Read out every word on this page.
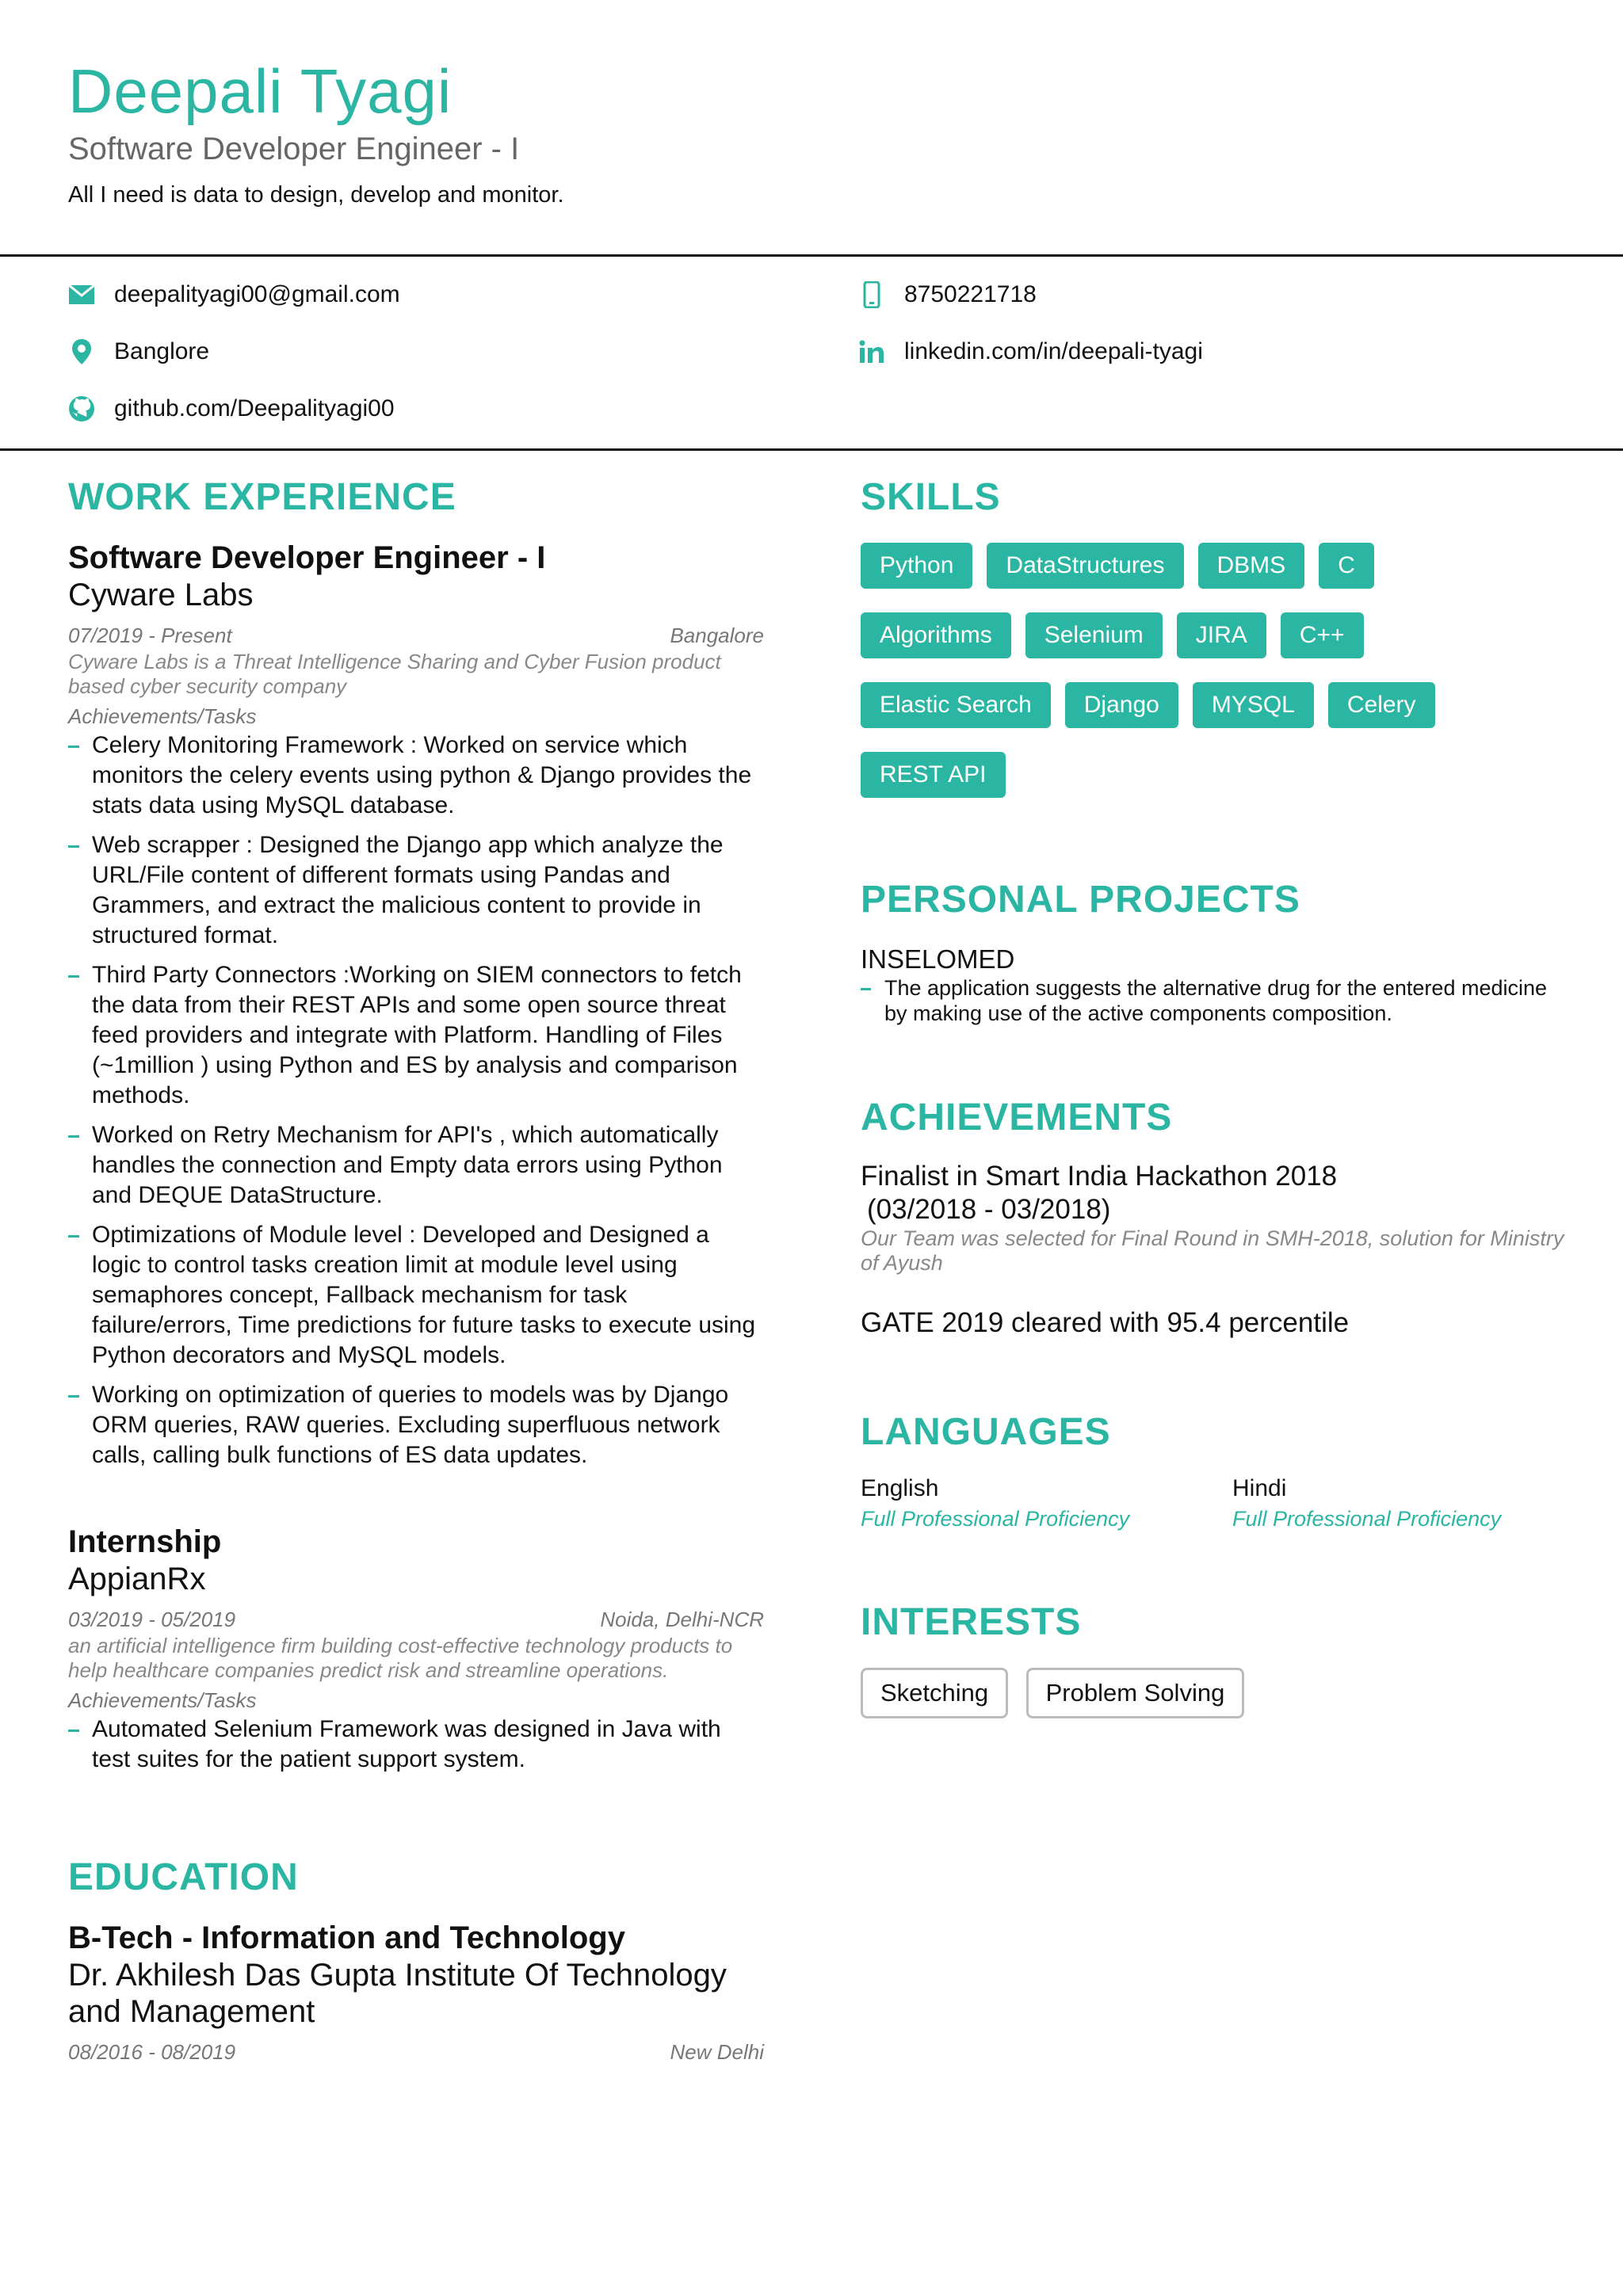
Deepali Tyagi
Software Developer Engineer - I
All I need is data to design, develop and monitor.
deepalityagi00@gmail.com	8750221718
Banglore	linkedin.com/in/deepali-tyagi
github.com/Deepalityagi00
WORK EXPERIENCE
Software Developer Engineer - I
Cyware Labs
07/2019 - Present	Bangalore
Cyware Labs is a Threat Intelligence Sharing and Cyber Fusion product based cyber security company
Achievements/Tasks
Celery Monitoring Framework : Worked on service which monitors the celery events using python & Django provides the stats data using MySQL database.
Web scrapper : Designed the Django app which analyze the URL/File content of different formats using Pandas and Grammers, and extract the malicious content to provide in structured format.
Third Party Connectors :Working on SIEM connectors to fetch the data from their REST APIs and some open source threat feed providers and integrate with Platform. Handling of Files (~1million ) using Python and ES by analysis and comparison methods.
Worked on Retry Mechanism for API's , which automatically handles the connection and Empty data errors using Python and DEQUE DataStructure.
Optimizations of Module level : Developed and Designed a logic to control tasks creation limit at module level using semaphores concept, Fallback mechanism for task failure/errors, Time predictions for future tasks to execute using Python decorators and MySQL models.
Working on optimization of queries to models was by Django ORM queries, RAW queries. Excluding superfluous network calls, calling bulk functions of ES data updates.
Internship
AppianRx
03/2019 - 05/2019	Noida, Delhi-NCR
an artificial intelligence firm building cost-effective technology products to help healthcare companies predict risk and streamline operations.
Achievements/Tasks
Automated Selenium Framework was designed in Java with test suites for the patient support system.
EDUCATION
B-Tech - Information and Technology
Dr. Akhilesh Das Gupta Institute Of Technology and Management
08/2016 - 08/2019	New Delhi
SKILLS
Python	DataStructures	DBMS	C
Algorithms	Selenium	JIRA	C++
Elastic Search	Django	MYSQL	Celery
REST API
PERSONAL PROJECTS
INSELOMED
The application suggests the alternative drug for the entered medicine by making use of the active components composition.
ACHIEVEMENTS
Finalist in Smart India Hackathon 2018
(03/2018 - 03/2018)
Our Team was selected for Final Round in SMH-2018, solution for Ministry of Ayush
GATE 2019 cleared with 95.4 percentile
LANGUAGES
English
Full Professional Proficiency
Hindi
Full Professional Proficiency
INTERESTS
Sketching Problem Solving
